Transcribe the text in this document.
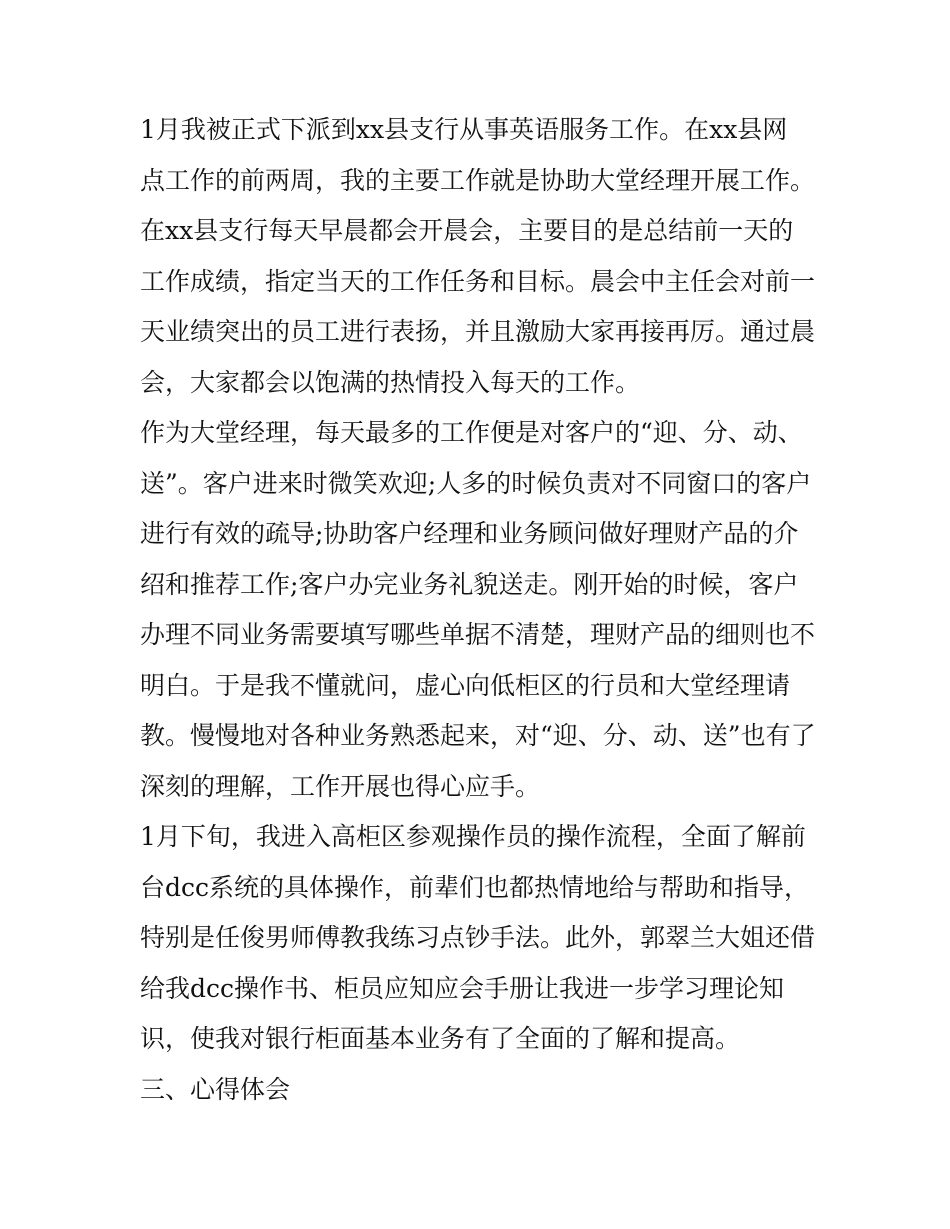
1月我被正式下派到xx县支行从事英语服务工作。在xx县网
点工作的前两周，我的主要工作就是协助大堂经理开展工作。
在xx县支行每天早晨都会开晨会，主要目的是总结前一天的
工作成绩，指定当天的工作任务和目标。晨会中主任会对前一
天业绩突出的员工进行表扬，并且激励大家再接再厉。通过晨
会，大家都会以饱满的热情投入每天的工作。
作为大堂经理，每天最多的工作便是对客户的“迎、分、动、
送”。客户进来时微笑欢迎;人多的时候负责对不同窗口的客户
进行有效的疏导;协助客户经理和业务顾问做好理财产品的介
绍和推荐工作;客户办完业务礼貌送走。刚开始的时候，客户
办理不同业务需要填写哪些单据不清楚，理财产品的细则也不
明白。于是我不懂就问，虚心向低柜区的行员和大堂经理请
教。慢慢地对各种业务熟悉起来，对“迎、分、动、送”也有了
深刻的理解，工作开展也得心应手。
1月下旬，我进入高柜区参观操作员的操作流程，全面了解前
台dcc系统的具体操作，前辈们也都热情地给与帮助和指导，
特别是任俊男师傅教我练习点钞手法。此外，郭翠兰大姐还借
给我dcc操作书、柜员应知应会手册让我进一步学习理论知
识，使我对银行柜面基本业务有了全面的了解和提高。
三、心得体会
